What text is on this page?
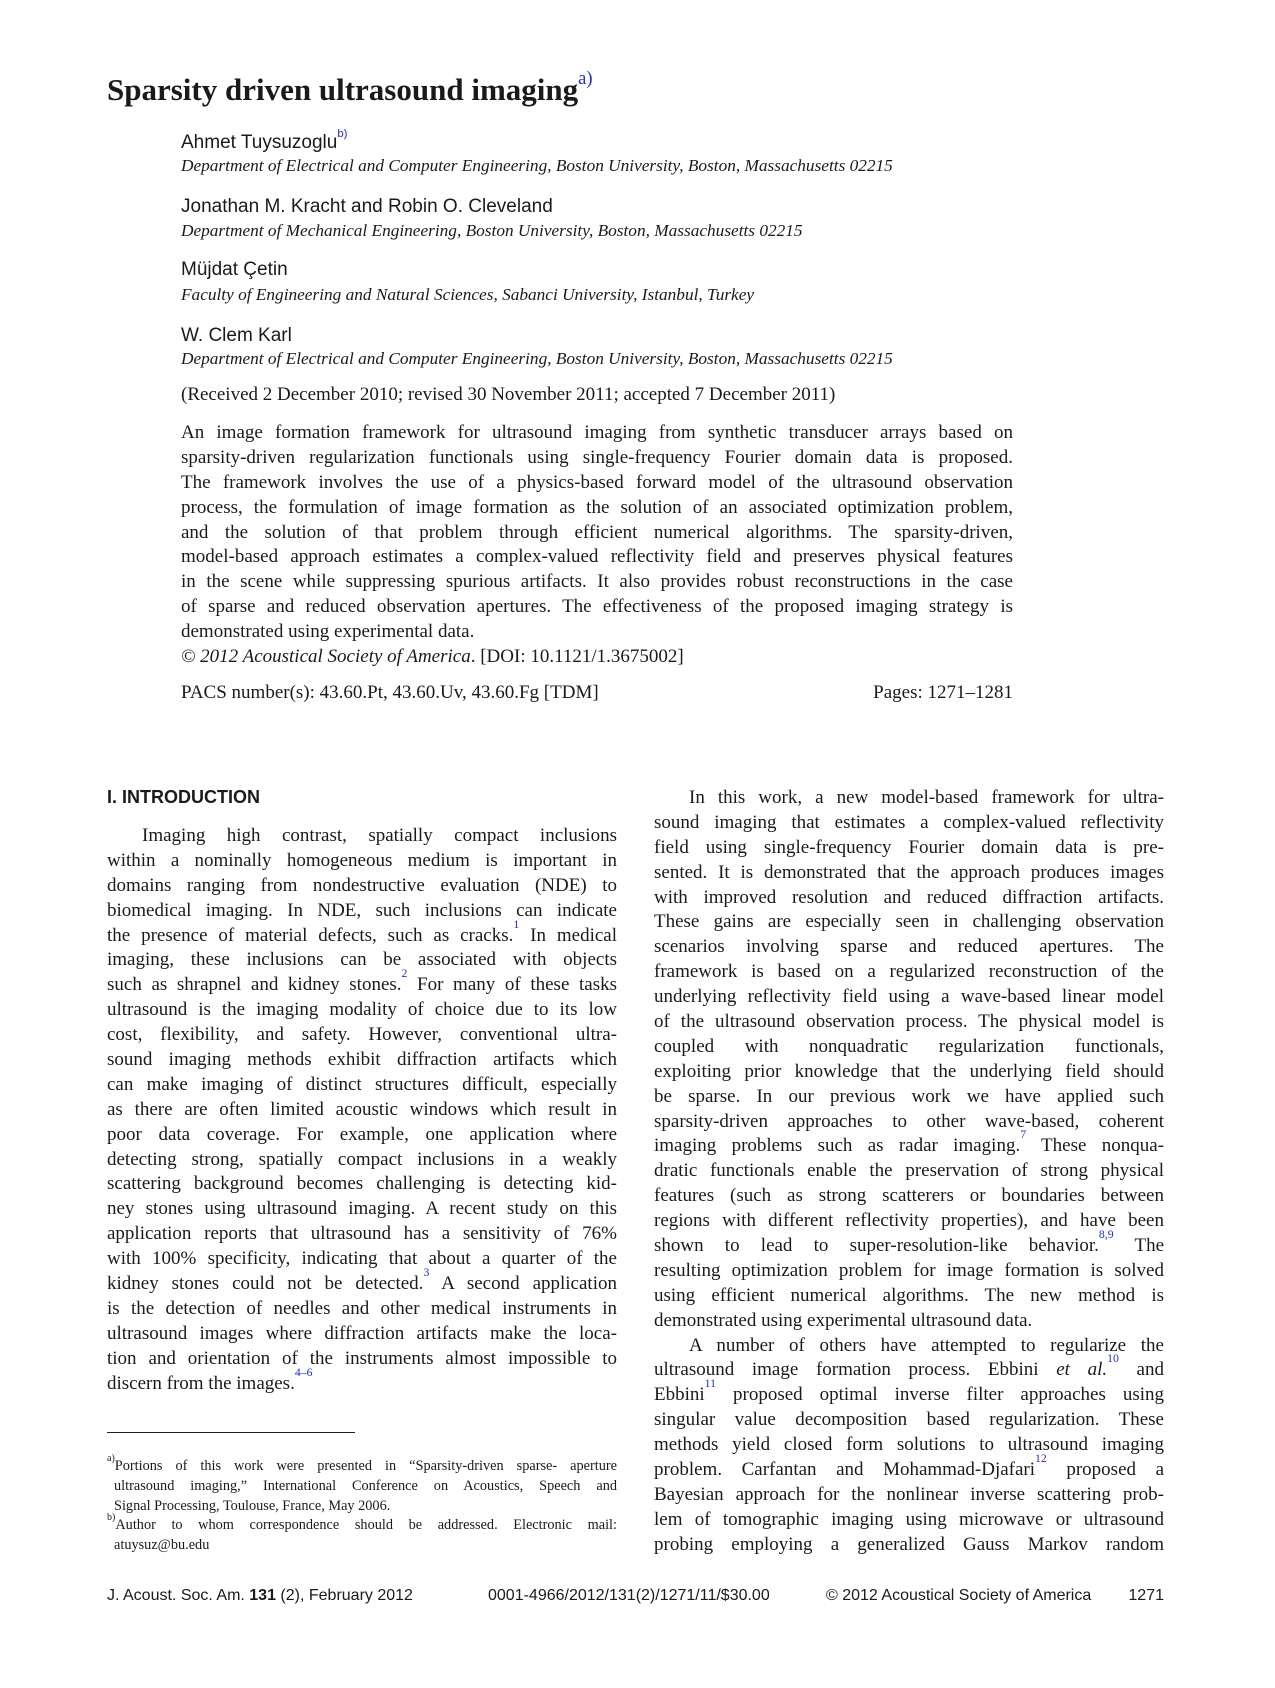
Sparsity driven ultrasound imaging$^{a)}$
Ahmet Tuysuzoglu$^{b)}$
Department of Electrical and Computer Engineering, Boston University, Boston, Massachusetts 02215
Jonathan M. Kracht and Robin O. Cleveland
Department of Mechanical Engineering, Boston University, Boston, Massachusetts 02215
Müjdat Çetin
Faculty of Engineering and Natural Sciences, Sabanci University, Istanbul, Turkey
W. Clem Karl
Department of Electrical and Computer Engineering, Boston University, Boston, Massachusetts 02215
(Received 2 December 2010; revised 30 November 2011; accepted 7 December 2011)
An image formation framework for ultrasound imaging from synthetic transducer arrays based on
sparsity-driven regularization functionals using single-frequency Fourier domain data is proposed.
The framework involves the use of a physics-based forward model of the ultrasound observation
process, the formulation of image formation as the solution of an associated optimization problem,
and the solution of that problem through efficient numerical algorithms. The sparsity-driven,
model-based approach estimates a complex-valued reflectivity field and preserves physical features
in the scene while suppressing spurious artifacts. It also provides robust reconstructions in the case
of sparse and reduced observation apertures. The effectiveness of the proposed imaging strategy is
demonstrated using experimental data.
© 2012 Acoustical Society of America. [DOI: 10.1121/1.3675002]
PACS number(s): 43.60.Pt, 43.60.Uv, 43.60.Fg [TDM]	Pages: 1271–1281
I. INTRODUCTION
Imaging high contrast, spatially compact inclusions
within a nominally homogeneous medium is important in
domains ranging from nondestructive evaluation (NDE) to
biomedical imaging. In NDE, such inclusions can indicate
the presence of material defects, such as cracks.$^1$ In medical
imaging, these inclusions can be associated with objects
such as shrapnel and kidney stones.$^2$ For many of these tasks
ultrasound is the imaging modality of choice due to its low
cost, flexibility, and safety. However, conventional ultra-
sound imaging methods exhibit diffraction artifacts which
can make imaging of distinct structures difficult, especially
as there are often limited acoustic windows which result in
poor data coverage. For example, one application where
detecting strong, spatially compact inclusions in a weakly
scattering background becomes challenging is detecting kid-
ney stones using ultrasound imaging. A recent study on this
application reports that ultrasound has a sensitivity of 76%
with 100% specificity, indicating that about a quarter of the
kidney stones could not be detected.$^3$ A second application
is the detection of needles and other medical instruments in
ultrasound images where diffraction artifacts make the loca-
tion and orientation of the instruments almost impossible to
discern from the images.$^{4-6}$
In this work, a new model-based framework for ultra-
sound imaging that estimates a complex-valued reflectivity
field using single-frequency Fourier domain data is pre-
sented. It is demonstrated that the approach produces images
with improved resolution and reduced diffraction artifacts.
These gains are especially seen in challenging observation
scenarios involving sparse and reduced apertures. The
framework is based on a regularized reconstruction of the
underlying reflectivity field using a wave-based linear model
of the ultrasound observation process. The physical model is
coupled with nonquadratic regularization functionals,
exploiting prior knowledge that the underlying field should
be sparse. In our previous work we have applied such
sparsity-driven approaches to other wave-based, coherent
imaging problems such as radar imaging.$^7$ These nonqua-
dratic functionals enable the preservation of strong physical
features (such as strong scatterers or boundaries between
regions with different reflectivity properties), and have been
shown to lead to super-resolution-like behavior.$^{8,9}$ The
resulting optimization problem for image formation is solved
using efficient numerical algorithms. The new method is
demonstrated using experimental ultrasound data.
A number of others have attempted to regularize the
ultrasound image formation process. Ebbini et al.$^{10}$ and
Ebbini$^{11}$ proposed optimal inverse filter approaches using
singular value decomposition based regularization. These
methods yield closed form solutions to ultrasound imaging
problem. Carfantan and Mohammad-Djafari$^{12}$ proposed a
Bayesian approach for the nonlinear inverse scattering prob-
lem of tomographic imaging using microwave or ultrasound
probing employing a generalized Gauss Markov random
$^{a)}$Portions of this work were presented in “Sparsity-driven sparse- aperture
ultrasound imaging,” International Conference on Acoustics, Speech and
Signal Processing, Toulouse, France, May 2006.
$^{b)}$Author to whom correspondence should be addressed. Electronic mail:
atuysuz@bu.edu
J. Acoust. Soc. Am. 131 (2), February 2012	0001-4966/2012/131(2)/1271/11/$30.00	© 2012 Acoustical Society of America 1271
